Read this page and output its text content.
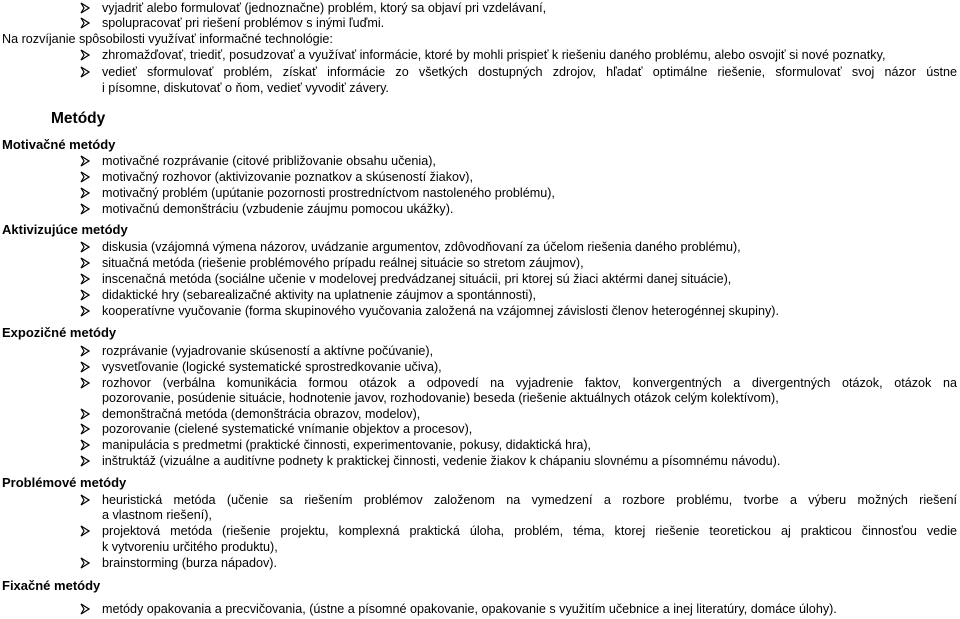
vyjadriť alebo formulovať (jednoznačne) problém, ktorý sa objaví pri vzdelávaní,
spolupracovať pri riešení problémov s inými ľuďmi.
Na rozvíjanie spôsobilosti využívať informačné technológie:
zhromažďovať, triediť, posudzovať a využívať informácie, ktoré by mohli prispieť k riešeniu daného problému, alebo osvojiť si nové poznatky,
vedieť sformulovať problém, získať informácie zo všetkých dostupných zdrojov, hľadať optimálne riešenie, sformulovať svoj názor ústne
i písomne, diskutovať o ňom, vedieť vyvodiť závery.
Metódy
Motivačné metódy
motivačné rozprávanie (citové približovanie obsahu učenia),
motivačný rozhovor (aktivizovanie poznatkov a skúseností žiakov),
motivačný problém (upútanie pozornosti prostredníctvom nastoleného problému),
motivačnú demonštráciu (vzbudenie záujmu pomocou ukážky).
Aktivizujúce metódy
diskusia (vzájomná výmena názorov, uvádzanie argumentov, zdôvodňovaní za účelom riešenia daného problému),
situačná metóda (riešenie problémového prípadu reálnej situácie so stretom záujmov),
inscenačná metóda (sociálne učenie v modelovej predvádzanej situácii, pri ktorej sú žiaci aktérmi danej situácie),
didaktické hry (sebarealizačné aktivity na uplatnenie záujmov a spontánnosti),
kooperatívne vyučovanie (forma skupinového vyučovania založená na vzájomnej závislosti členov heterogénnej skupiny).
Expozičné metódy
rozprávanie (vyjadrovanie skúseností a aktívne počúvanie),
vysvetľovanie (logické systematické sprostredkovanie učiva),
rozhovor (verbálna komunikácia formou otázok a odpovedí na vyjadrenie faktov, konvergentných a divergentných otázok, otázok na
pozorovanie, posúdenie situácie, hodnotenie javov, rozhodovanie) beseda (riešenie aktuálnych otázok celým kolektívom),
demonštračná metóda (demonštrácia obrazov, modelov),
pozorovanie (cielené systematické vnímanie objektov a procesov),
manipulácia s predmetmi (praktické činnosti, experimentovanie, pokusy, didaktická hra),
inštruktáž (vizuálne a auditívne podnety k praktickej činnosti, vedenie žiakov k chápaniu slovnému a písomnému návodu).
Problémové metódy
heuristická metóda (učenie sa riešením problémov založenom na vymedzení a rozbore problému, tvorbe a výberu možných riešení
a vlastnom riešení),
projektová metóda (riešenie projektu, komplexná praktická úloha, problém, téma, ktorej riešenie teoretickou aj prakticou činnosťou vedie
k vytvoreniu určitého produktu),
brainstorming (burza nápadov).
Fixačné metódy
metódy opakovania a precvičovania, (ústne a písomné opakovanie, opakovanie s využitím učebnice a inej literatúry, domáce úlohy).
